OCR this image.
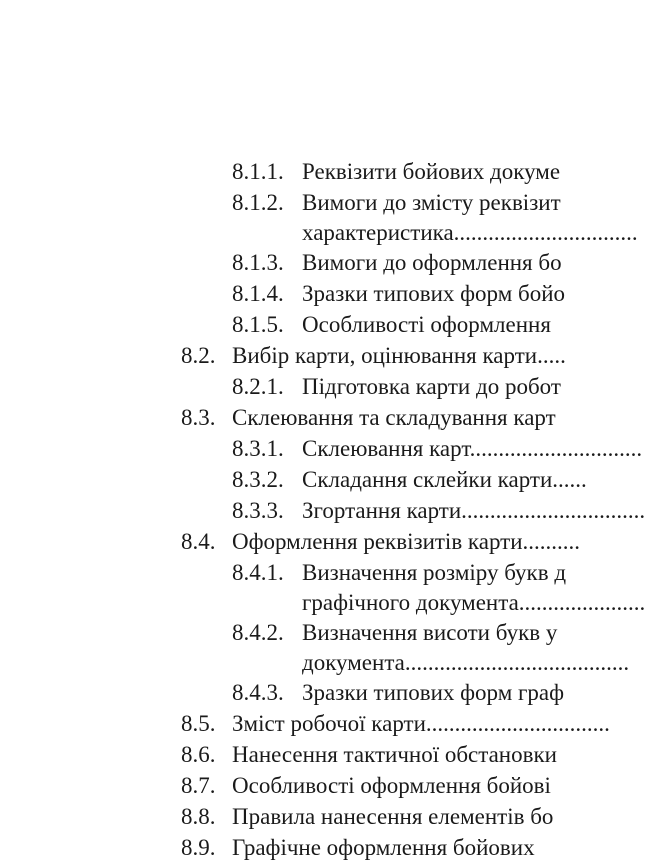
8.1.1. Реквізити бойових докуме
8.1.2. Вимоги до змісту реквізит
характеристика................................
8.1.3. Вимоги до оформлення бо
8.1.4. Зразки типових форм бойо
8.1.5. Особливості оформлення
8.2. Вибір карти, оцінювання карти.....
8.2.1. Підготовка карти до робот
8.3. Склеювання та складування карт
8.3.1. Склеювання карт..............................
8.3.2. Складання склейки карти......
8.3.3. Згортання карти................................
8.4. Оформлення реквізитів карти..........
8.4.1. Визначення розміру букв д
графічного документа......................
8.4.2. Визначення висоти букв у
документа.......................................
8.4.3. Зразки типових форм граф
8.5. Зміст робочої карти................................
8.6. Нанесення тактичної обстановки
8.7. Особливості оформлення бойові
8.8. Правила нанесення елементів бо
8.9. Графічне оформлення бойових
